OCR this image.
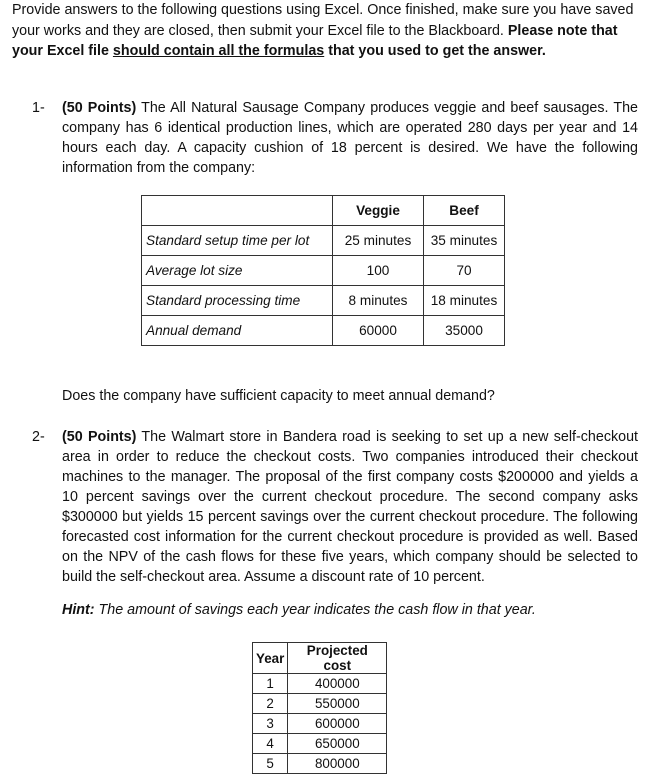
Provide answers to the following questions using Excel. Once finished, make sure you have saved your works and they are closed, then submit your Excel file to the Blackboard. Please note that your Excel file should contain all the formulas that you used to get the answer.
1- (50 Points) The All Natural Sausage Company produces veggie and beef sausages. The company has 6 identical production lines, which are operated 280 days per year and 14 hours each day. A capacity cushion of 18 percent is desired. We have the following information from the company:
	Veggie	Beef
Standard setup time per lot	25 minutes	35 minutes
Average lot size	100	70
Standard processing time	8 minutes	18 minutes
Annual demand	60000	35000
Does the company have sufficient capacity to meet annual demand?
2- (50 Points) The Walmart store in Bandera road is seeking to set up a new self-checkout area in order to reduce the checkout costs. Two companies introduced their checkout machines to the manager. The proposal of the first company costs $200000 and yields a 10 percent savings over the current checkout procedure. The second company asks $300000 but yields 15 percent savings over the current checkout procedure. The following forecasted cost information for the current checkout procedure is provided as well. Based on the NPV of the cash flows for these five years, which company should be selected to build the self-checkout area. Assume a discount rate of 10 percent.
Hint: The amount of savings each year indicates the cash flow in that year.
Year	Projected cost
1	400000
2	550000
3	600000
4	650000
5	800000
